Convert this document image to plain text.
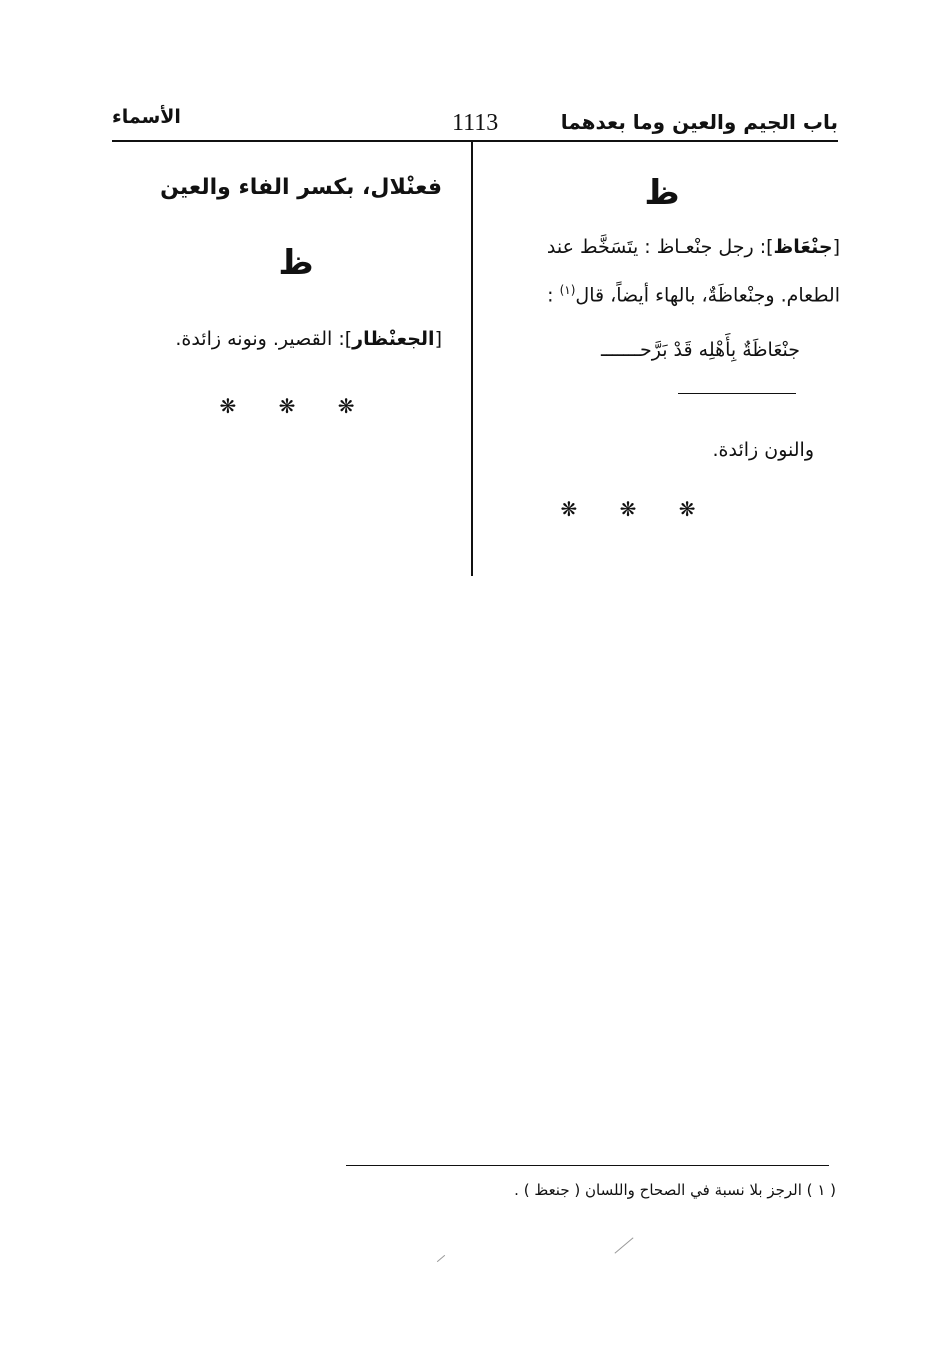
باب الجيم والعين وما بعدهما
1113
الأسماء
ظ

[جنْعَاظ]: رجل جنْعـاظ : يتَسَخَّط عند الطعام. وجنْعاظَةٌ، بالهاء أيضاً، قال$^{(١)}$ :

جنْعَاظَةٌ بِأَهْلِه قَدْ بَرَّحـــــــ

والنون زائدة.

❋ ❋ ❋
فعنْلال، بكسر الفاء والعين
ظ

[الجعنْظار]: القصير. ونونه زائدة.

❋ ❋ ❋
( ١ ) الرجز بلا نسبة في الصحاح واللسان ( جنعظ ) .
